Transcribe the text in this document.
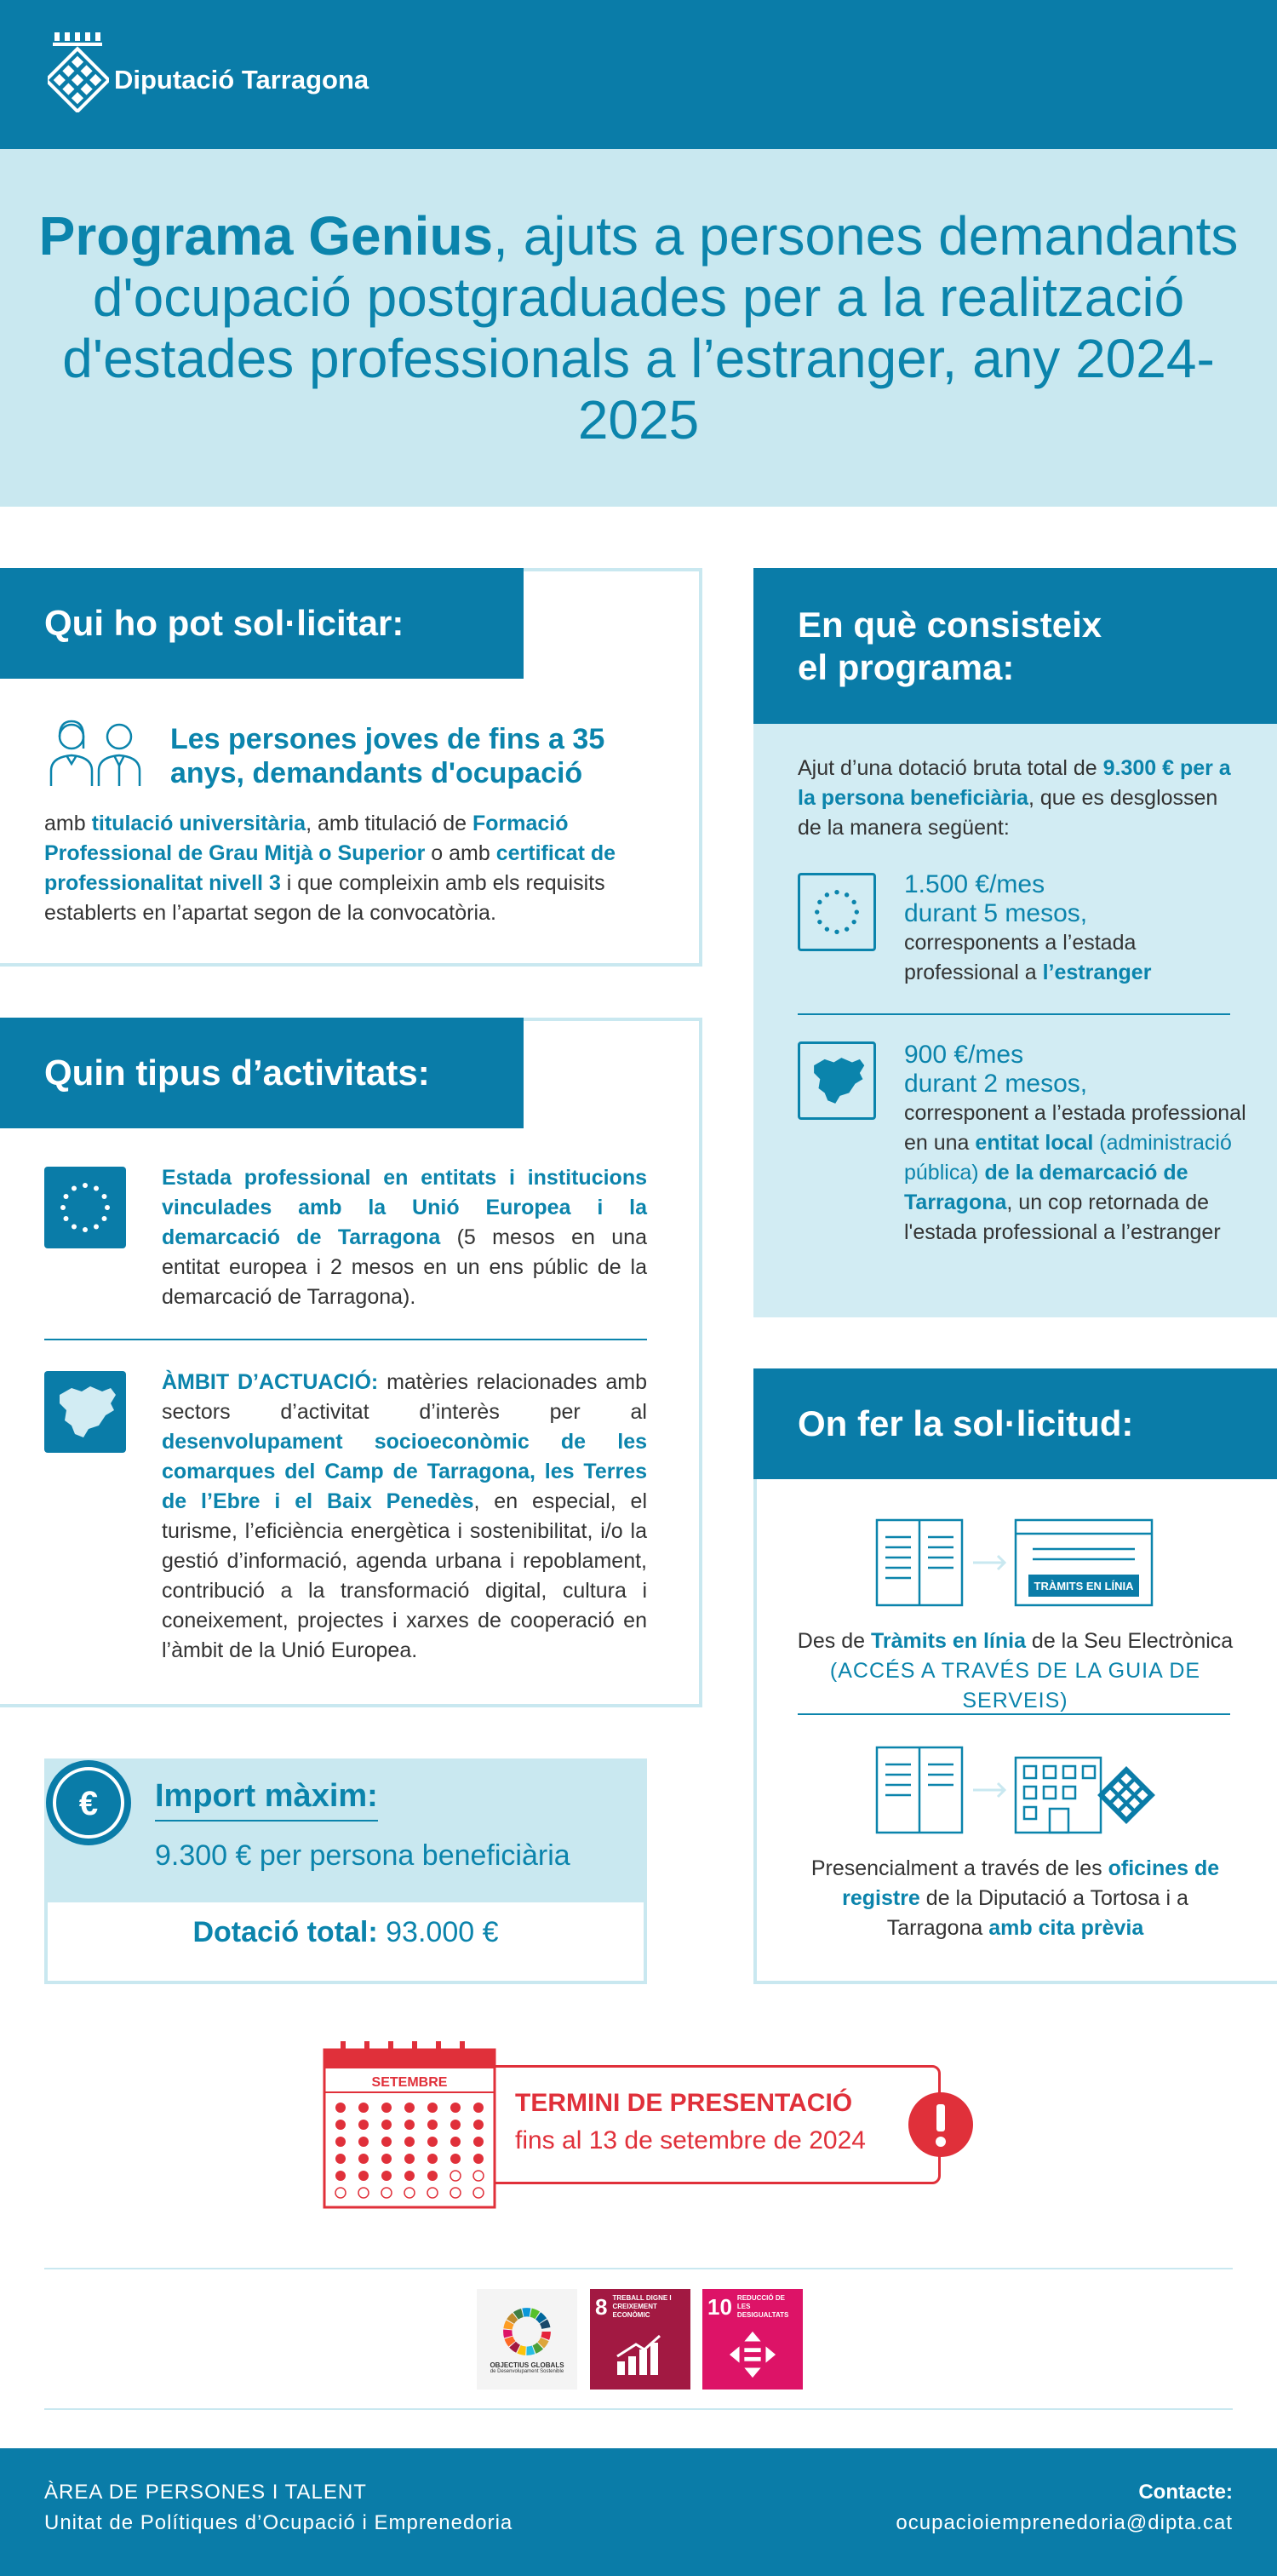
Diputació Tarragona
Programa Genius, ajuts a persones demandants d'ocupació postgraduades per a la realització d'estades professionals a l’estranger, any 2024-2025
Qui ho pot sol·licitar:
Les persones joves de fins a 35 anys, demandants d'ocupació
amb titulació universitària, amb titulació de Formació Professional de Grau Mitjà o Superior o amb certificat de professionalitat nivell 3 i que compleixin amb els requisits establerts en l’apartat segon de la convocatòria.
Quin tipus d’activitats:
Estada professional en entitats i institucions vinculades amb la Unió Europea i la demarcació de Tarragona (5 mesos en una entitat europea i 2 mesos en un ens públic de la demarcació de Tarragona).
ÀMBIT D’ACTUACIÓ: matèries relacionades amb sectors d’activitat d’interès per al desenvolupament socioeconòmic de les comarques del Camp de Tarragona, les Terres de l’Ebre i el Baix Penedès, en especial, el turisme, l’eficiència energètica i sostenibilitat, i/o la gestió d’informació, agenda urbana i repoblament, contribució a la transformació digital, cultura i coneixement, projectes i xarxes de cooperació en l’àmbit de la Unió Europea.
€ Import màxim:
9.300 € per persona beneficiària
Dotació total: 93.000 €
En què consisteix
el programa:
Ajut d’una dotació bruta total de 9.300 € per a la persona beneficiària, que es desglossen de la manera següent:
1.500 €/mes
durant 5 mesos,
corresponents a l’estada professional a l’estranger
900 €/mes
durant 2 mesos,
corresponent a l’estada professional en una entitat local (administració pública) de la demarcació de Tarragona, un cop retornada de l'estada professional a l’estranger
On fer la sol·licitud:
TRÀMITS EN LÍNIA
Des de Tràmits en línia de la Seu Electrònica
(ACCÉS A TRAVÉS DE LA GUIA DE SERVEIS)
Presencialment a través de les oficines de registre de la Diputació a Tortosa i a Tarragona amb cita prèvia
SETEMBRE
TERMINI DE PRESENTACIÓ
fins al 13 de setembre de 2024
OBJECTIUS GLOBALS
de Desenvolupament Sostenible
8 TREBALL DIGNE I CREIXEMENT ECONÒMIC	10 REDUCCIÓ DE LES DESIGUALTATS
ÀREA DE PERSONES I TALENT
Unitat de Polítiques d’Ocupació i Emprenedoria
Contacte:
ocupacioiemprenedoria@dipta.cat
